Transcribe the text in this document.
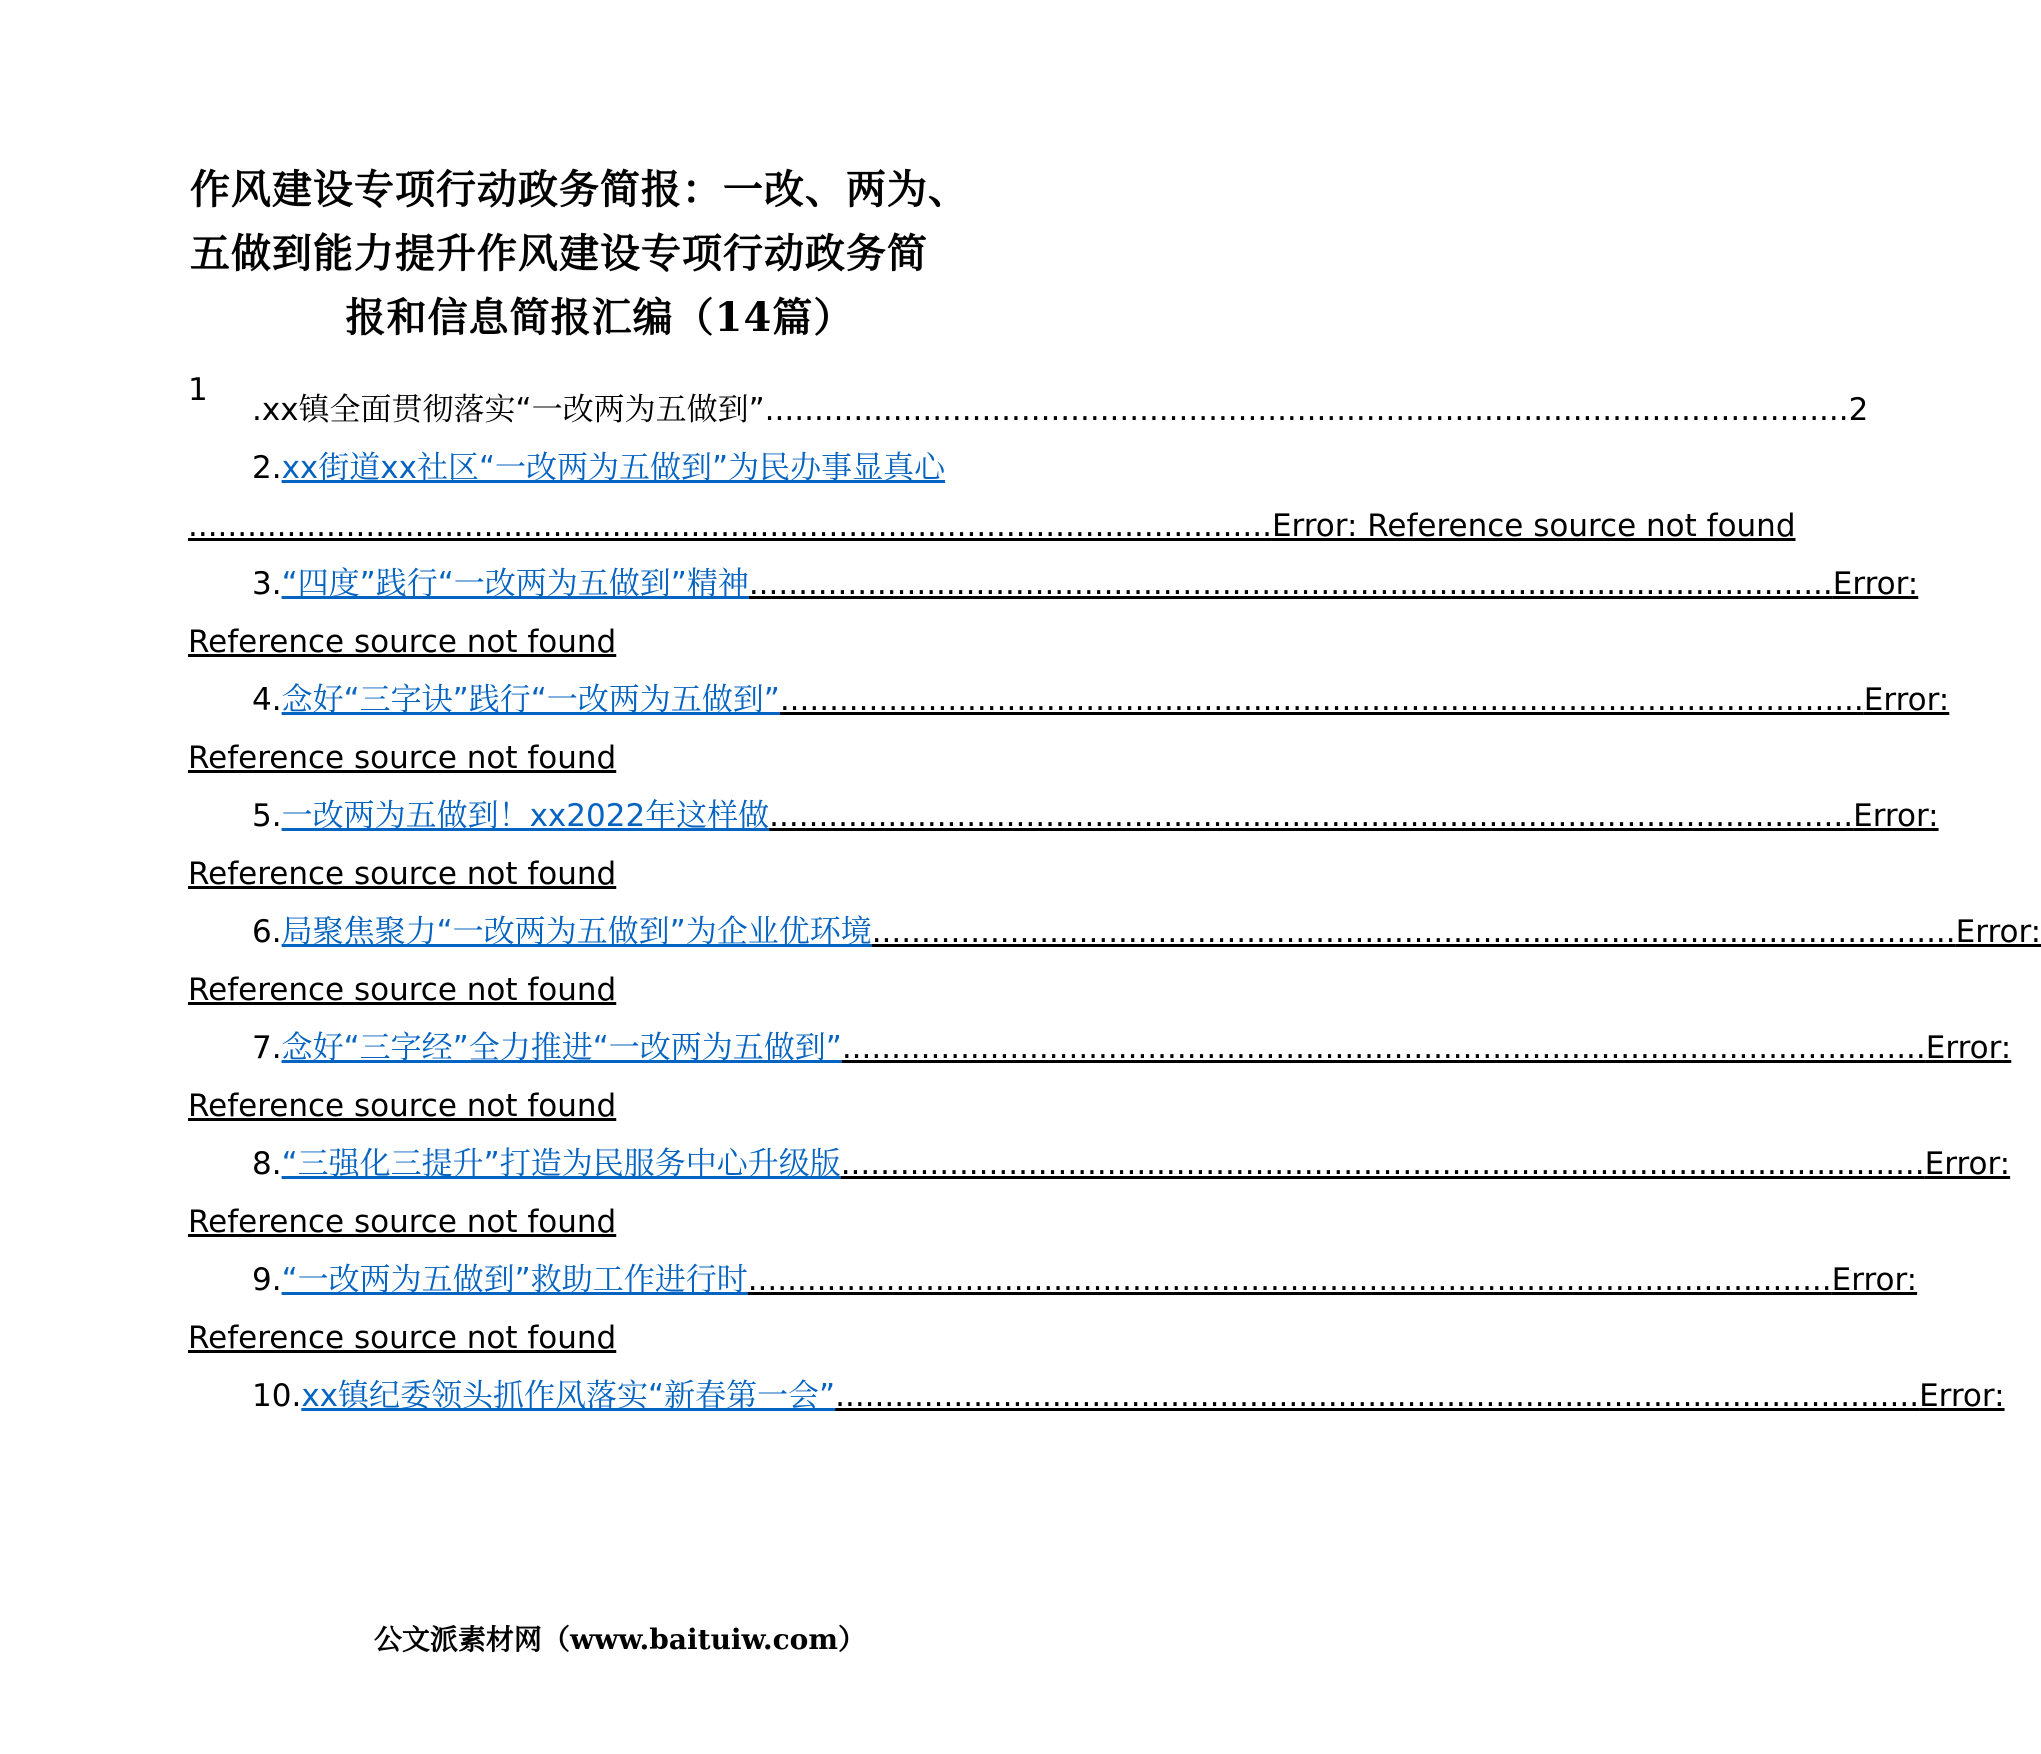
作风建设专项行动政务简报：一改、两为、
五做到能力提升作风建设专项行动政务简
报和信息简报汇编（14篇）
1
.xx镇全面贯彻落实“一改两为五做到” .............................................................................................................. 2
2. xx街道xx社区“一改两为五做到”为民办事显真心
.............................................................................................................. Error: Reference source not found
3. “四度”践行“一改两为五做到”精神 .............................................................................................................. Error:
Reference source not found
4. 念好“三字诀”践行“一改两为五做到” .............................................................................................................. Error:
Reference source not found
5. 一改两为五做到！xx2022年这样做 .............................................................................................................. Error:
Reference source not found
6. 局聚焦聚力“一改两为五做到”为企业优环境 .............................................................................................................. Error:
Reference source not found
7. 念好“三字经”全力推进“一改两为五做到” .............................................................................................................. Error:
Reference source not found
8. “三强化三提升”打造为民服务中心升级版 .............................................................................................................. Error:
Reference source not found
9. “一改两为五做到”救助工作进行时 .............................................................................................................. Error:
Reference source not found
10. xx镇纪委领头抓作风落实“新春第一会” .............................................................................................................. Error:
公文派素材网（www.baituiw.com）
